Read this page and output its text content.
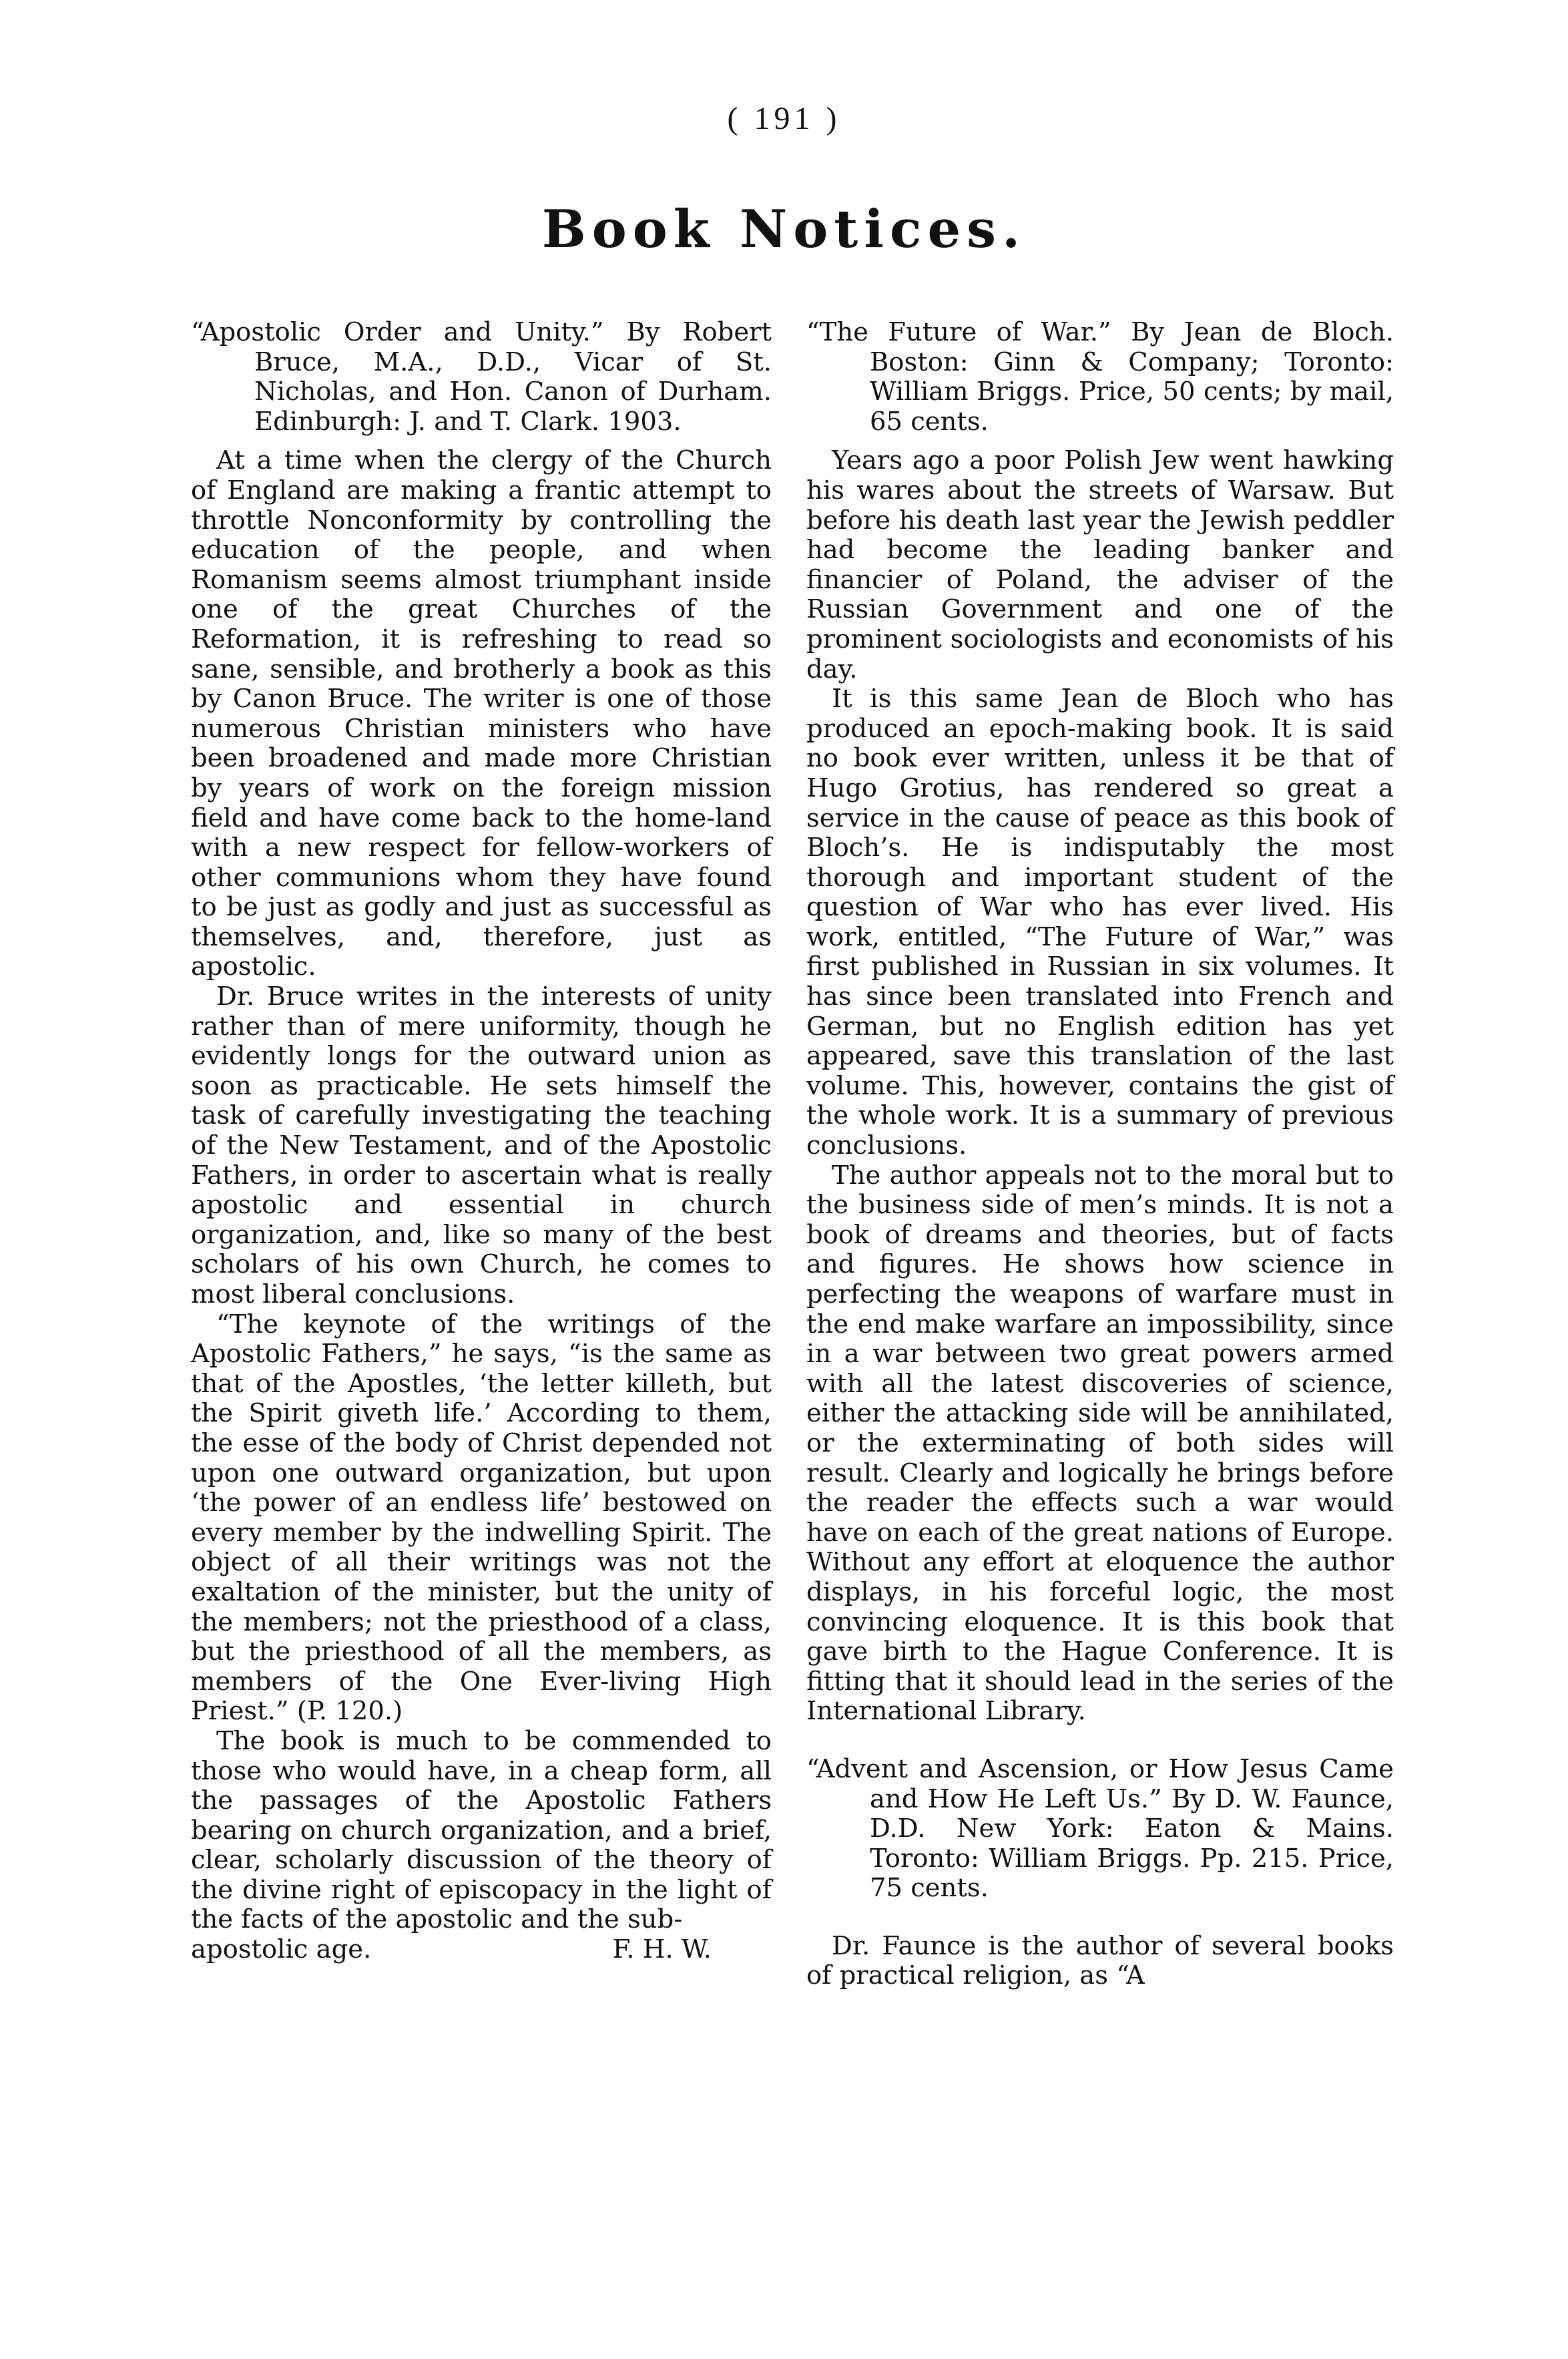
( 191 )
Book Notices.

“Apostolic Order and Unity.” By Robert Bruce, M.A., D.D., Vicar of St. Nicholas, and Hon. Canon of Durham. Edinburgh: J. and T. Clark. 1903.

At a time when the clergy of the Church of England are making a frantic attempt to throttle Nonconformity by controlling the education of the people, and when Romanism seems almost triumphant inside one of the great Churches of the Reformation, it is refreshing to read so sane, sensible, and brotherly a book as this by Canon Bruce. The writer is one of those numerous Christian ministers who have been broadened and made more Christian by years of work on the foreign mission field and have come back to the home-land with a new respect for fellow-workers of other communions whom they have found to be just as godly and just as successful as themselves, and, therefore, just as apostolic.

Dr. Bruce writes in the interests of unity rather than of mere uniformity, though he evidently longs for the outward union as soon as practicable. He sets himself the task of carefully investigating the teaching of the New Testament, and of the Apostolic Fathers, in order to ascertain what is really apostolic and essential in church organization, and, like so many of the best scholars of his own Church, he comes to most liberal conclusions.

“The keynote of the writings of the Apostolic Fathers,” he says, “is the same as that of the Apostles, ‘the letter killeth, but the Spirit giveth life.’ According to them, the esse of the body of Christ depended not upon one outward organization, but upon ‘the power of an endless life’ bestowed on every member by the indwelling Spirit. The object of all their writings was not the exaltation of the minister, but the unity of the members; not the priesthood of a class, but the priesthood of all the members, as members of the One Ever-living High Priest.” (P. 120.)

The book is much to be commended to those who would have, in a cheap form, all the passages of the Apostolic Fathers bearing on church organization, and a brief, clear, scholarly discussion of the theory of the divine right of episcopacy in the light of the facts of the apostolic and the sub-

apostolic age.	F. H. W.

“The Future of War.” By Jean de Bloch. Boston: Ginn & Company; Toronto: William Briggs. Price, 50 cents; by mail, 65 cents.

Years ago a poor Polish Jew went hawking his wares about the streets of Warsaw. But before his death last year the Jewish peddler had become the leading banker and financier of Poland, the adviser of the Russian Government and one of the prominent sociologists and economists of his day.

It is this same Jean de Bloch who has produced an epoch-making book. It is said no book ever written, unless it be that of Hugo Grotius, has rendered so great a service in the cause of peace as this book of Bloch’s. He is indisputably the most thorough and important student of the question of War who has ever lived. His work, entitled, “The Future of War,” was first published in Russian in six volumes. It has since been translated into French and German, but no English edition has yet appeared, save this translation of the last volume. This, however, contains the gist of the whole work. It is a summary of previous conclusions.

The author appeals not to the moral but to the business side of men’s minds. It is not a book of dreams and theories, but of facts and figures. He shows how science in perfecting the weapons of warfare must in the end make warfare an impossibility, since in a war between two great powers armed with all the latest discoveries of science, either the attacking side will be annihilated, or the exterminating of both sides will result. Clearly and logically he brings before the reader the effects such a war would have on each of the great nations of Europe. Without any effort at eloquence the author displays, in his forceful logic, the most convincing eloquence. It is this book that gave birth to the Hague Conference. It is fitting that it should lead in the series of the International Library.

“Advent and Ascension, or How Jesus Came and How He Left Us.” By D. W. Faunce, D.D. New York: Eaton & Mains. Toronto: William Briggs. Pp. 215. Price, 75 cents.

Dr. Faunce is the author of several books of practical religion, as “A
